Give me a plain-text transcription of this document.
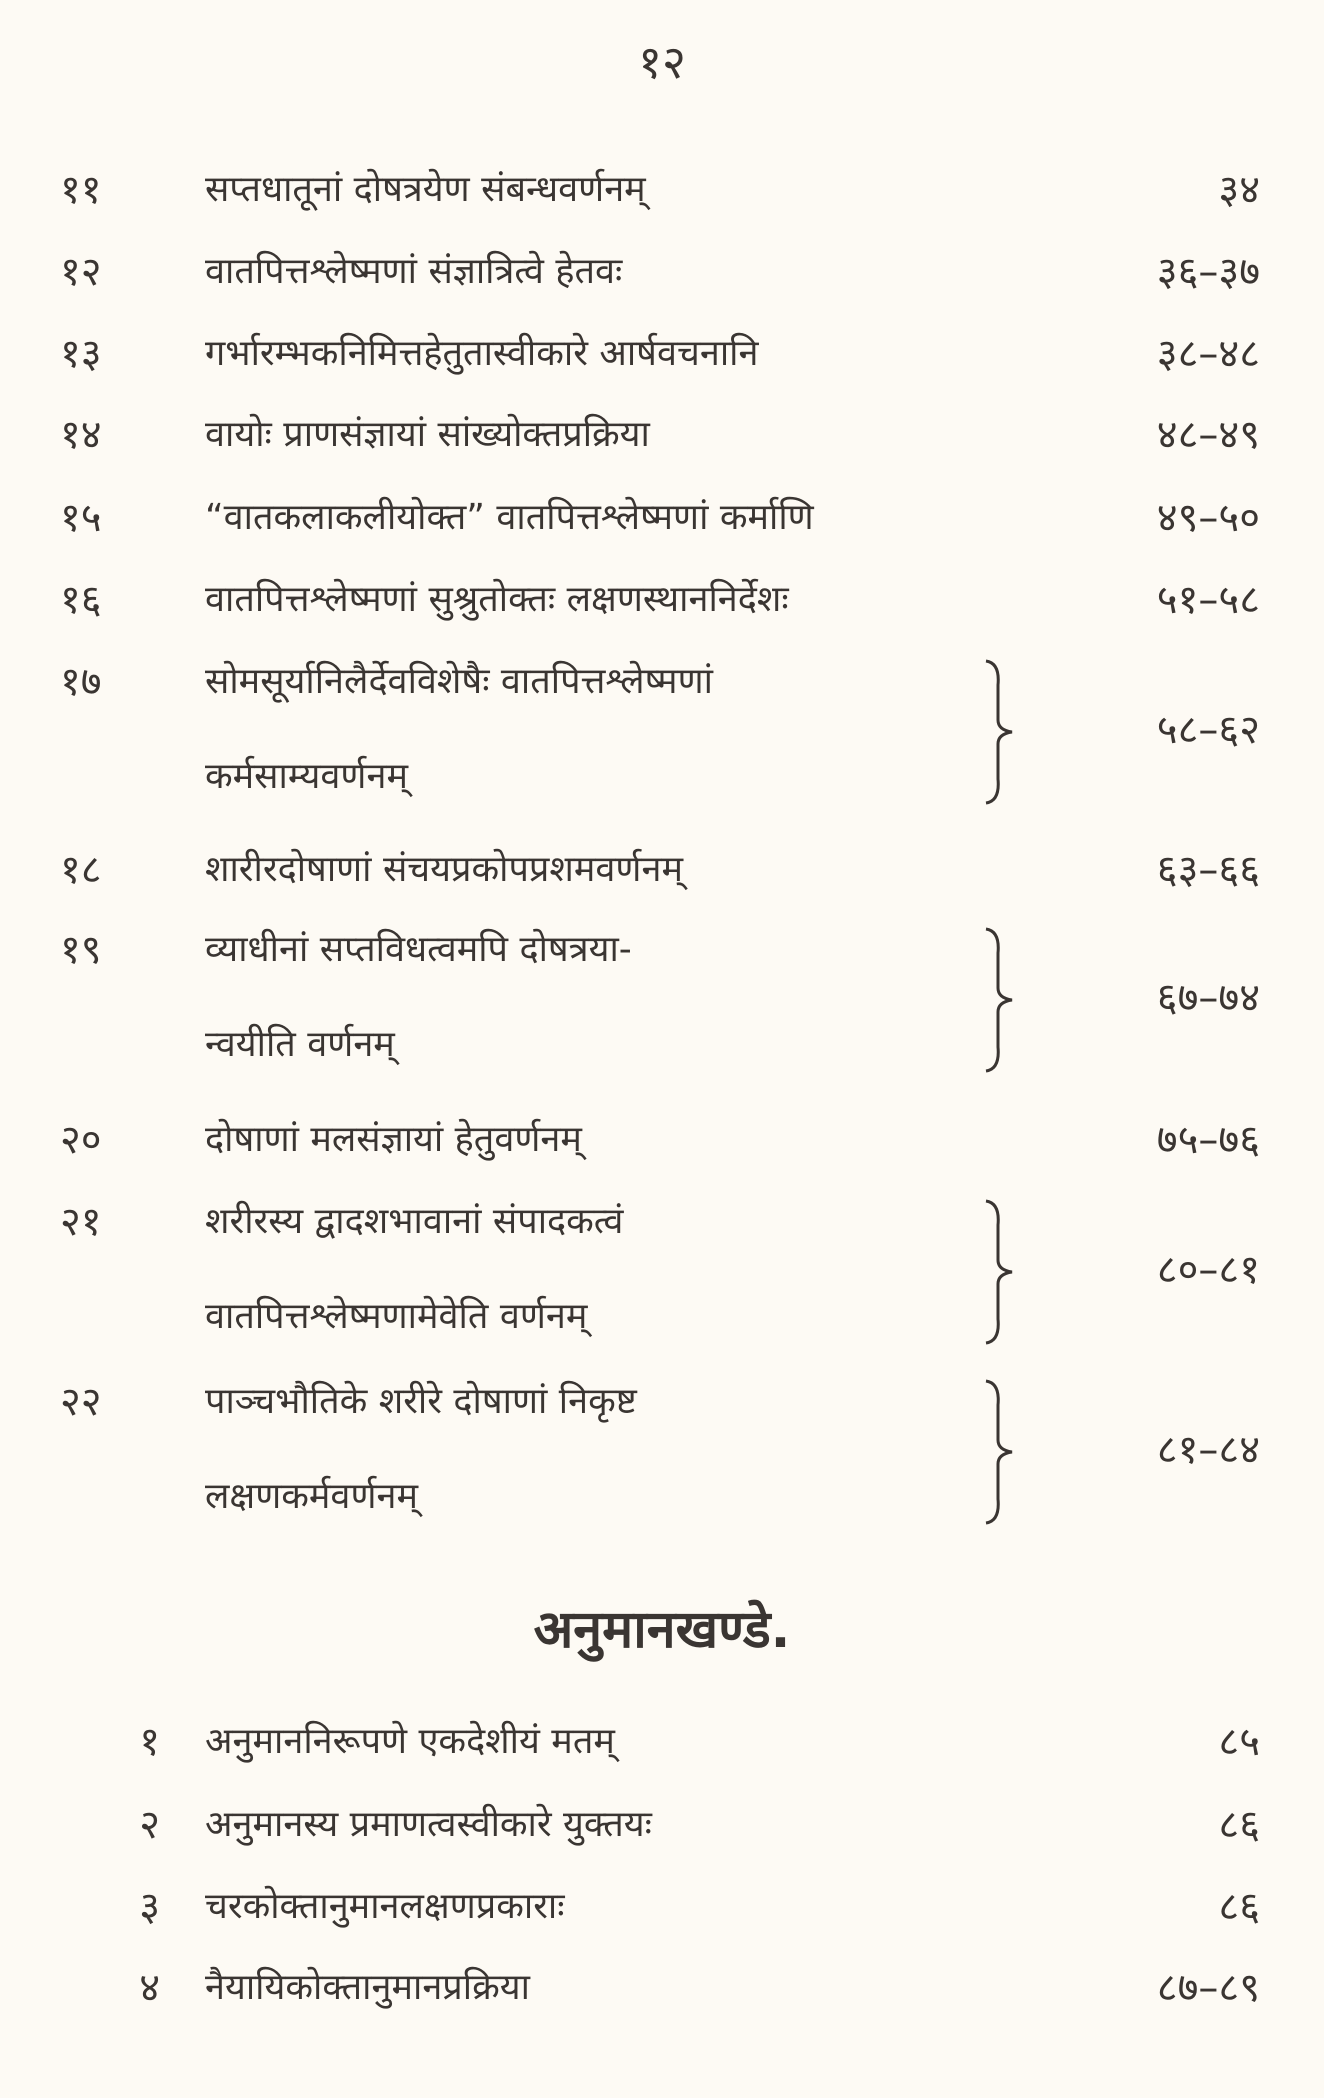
१२
११	सप्तधातूनां दोषत्रयेण संबन्धवर्णनम्	३४
१२	वातपित्तश्लेष्मणां संज्ञात्रित्वे हेतवः	३६–३७
१३	गर्भारम्भकनिमित्तहेतुतास्वीकारे आर्षवचनानि	३८–४८
१४	वायोः प्राणसंज्ञायां सांख्योक्तप्रक्रिया	४८–४९
१५	“वातकलाकलीयोक्त” वातपित्तश्लेष्मणां कर्माणि	४९–५०
१६	वातपित्तश्लेष्मणां सुश्रुतोक्तः लक्षणस्थाननिर्देशः	५१–५८
१७	सोमसूर्यानिलैर्देवविशेषैः वातपित्तश्लेष्मणां
कर्मसाम्यवर्णनम्
५८–६२
१८	शारीरदोषाणां संचयप्रकोपप्रशमवर्णनम्	६३–६६
१९	व्याधीनां सप्तविधत्वमपि दोषत्रया-
न्वयीति वर्णनम्
६७–७४
२०	दोषाणां मलसंज्ञायां हेतुवर्णनम्	७५–७६
२१	शरीरस्य द्वादशभावानां संपादकत्वं
वातपित्तश्लेष्मणामेवेति वर्णनम्
८०–८१
२२	पाञ्चभौतिके शरीरे दोषाणां निकृष्ट
लक्षणकर्मवर्णनम्
८१–८४
अनुमानखण्डे.
१ अनुमाननिरूपणे एकदेशीयं मतम्	८५
२ अनुमानस्य प्रमाणत्वस्वीकारे युक्तयः	८६
३ चरकोक्तानुमानलक्षणप्रकाराः	८६
४ नैयायिकोक्तानुमानप्रक्रिया	८७–८९
